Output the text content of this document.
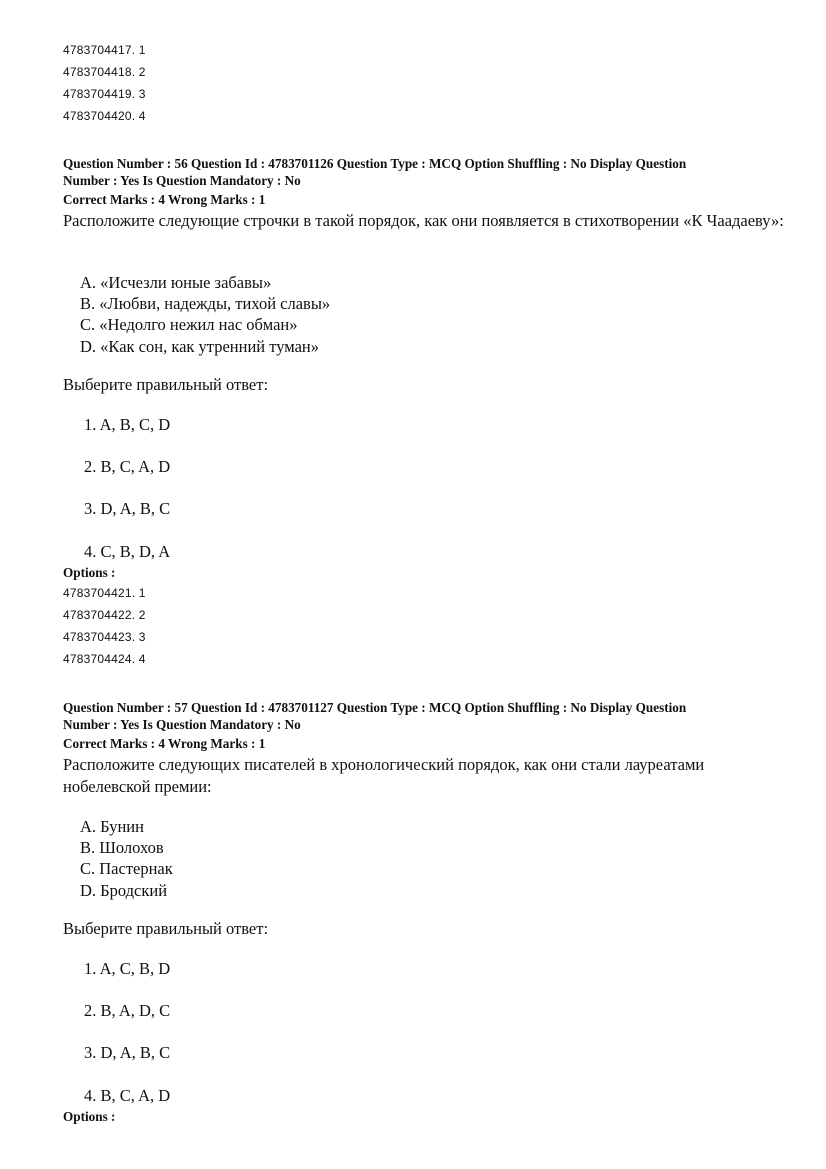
4783704417. 1
4783704418. 2
4783704419. 3
4783704420. 4
Question Number : 56 Question Id : 4783701126 Question Type : MCQ Option Shuffling : No Display Question
Number : Yes Is Question Mandatory : No
Correct Marks : 4 Wrong Marks : 1
Расположите следующие строчки в такой порядок, как они появляется в стихотворении «К Чаадаеву»:
A. «Исчезли юные забавы»
B. «Любви, надежды, тихой славы»
C. «Недолго нежил нас обман»
D. «Как сон, как утренний туман»
Выберите правильный ответ:
1. A, B, C, D
2. B, C, A, D
3. D, A, B, C
4. C, B, D, A
Options :
4783704421. 1
4783704422. 2
4783704423. 3
4783704424. 4
Question Number : 57 Question Id : 4783701127 Question Type : MCQ Option Shuffling : No Display Question
Number : Yes Is Question Mandatory : No
Correct Marks : 4 Wrong Marks : 1
Расположите следующих писателей в хронологический порядок, как они стали лауреатами нобелевской премии:
A. Бунин
B. Шолохов
C. Пастернак
D. Бродский
Выберите правильный ответ:
1. A, C, B, D
2. B, A, D, C
3. D, A, B, C
4. B, C, A, D
Options :
